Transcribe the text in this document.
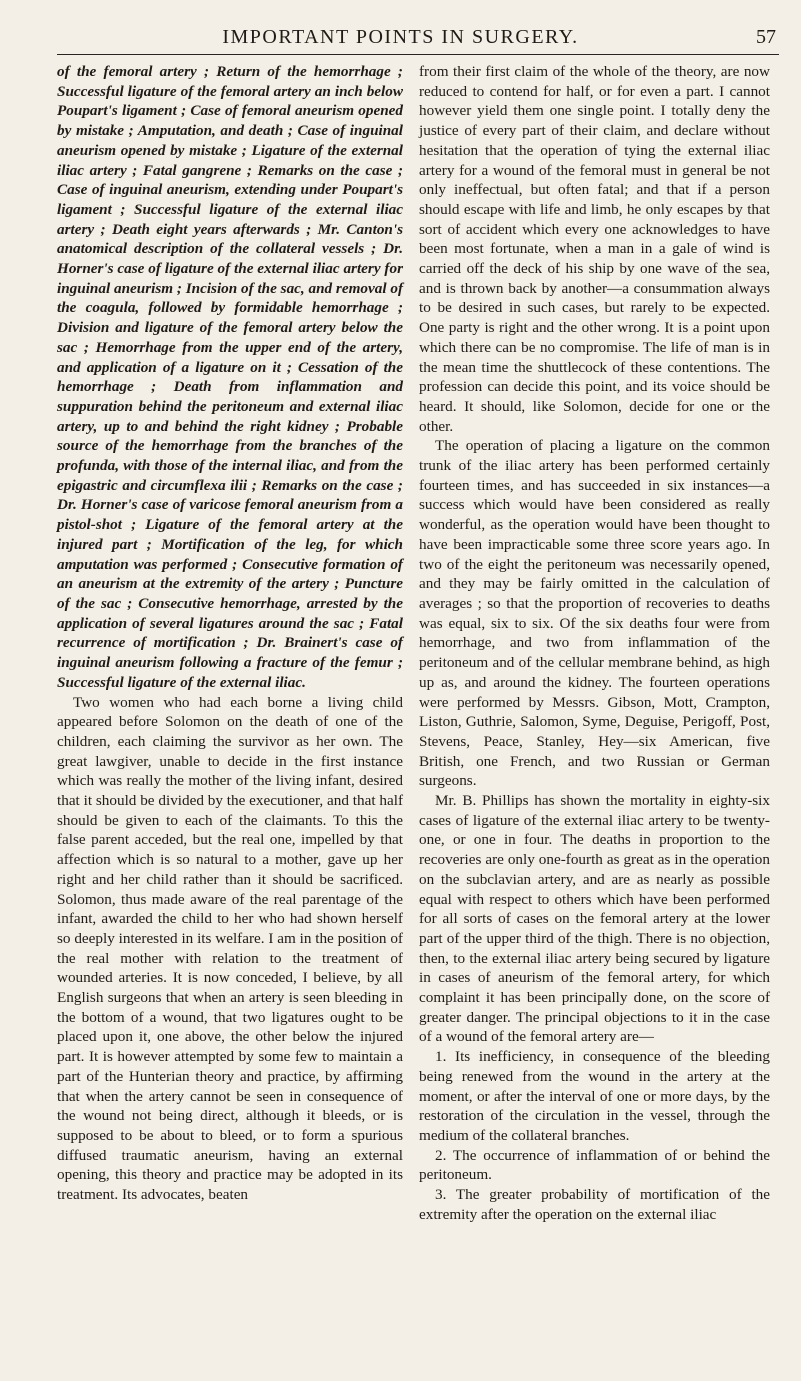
IMPORTANT POINTS IN SURGERY.	57

of the femoral artery ; Return of the hemorrhage ; Successful ligature of the femoral artery an inch below Poupart's ligament ; Case of femoral aneurism opened by mistake ; Amputation, and death ; Case of inguinal aneurism opened by mistake ; Ligature of the external iliac artery ; Fatal gangrene ; Remarks on the case ; Case of inguinal aneurism, extending under Poupart's ligament ; Successful ligature of the external iliac artery ; Death eight years afterwards ; Mr. Canton's anatomical description of the collateral vessels ; Dr. Horner's case of ligature of the external iliac artery for inguinal aneurism ; Incision of the sac, and removal of the coagula, followed by formidable hemorrhage ; Division and ligature of the femoral artery below the sac ; Hemorrhage from the upper end of the artery, and application of a ligature on it ; Cessation of the hemorrhage ; Death from inflammation and suppuration behind the peritoneum and external iliac artery, up to and behind the right kidney ; Probable source of the hemorrhage from the branches of the profunda, with those of the internal iliac, and from the epigastric and circumflexa ilii ; Remarks on the case ; Dr. Horner's case of varicose femoral aneurism from a pistol-shot ; Ligature of the femoral artery at the injured part ; Mortification of the leg, for which amputation was performed ; Consecutive formation of an aneurism at the extremity of the artery ; Puncture of the sac ; Consecutive hemorrhage, arrested by the application of several ligatures around the sac ; Fatal recurrence of mortification ; Dr. Brainert's case of inguinal aneurism following a fracture of the femur ; Successful ligature of the external iliac.

Two women who had each borne a living child appeared before Solomon on the death of one of the children, each claiming the survivor as her own. The great lawgiver, unable to decide in the first instance which was really the mother of the living infant, desired that it should be divided by the executioner, and that half should be given to each of the claimants. To this the false parent acceded, but the real one, impelled by that affection which is so natural to a mother, gave up her right and her child rather than it should be sacrificed. Solomon, thus made aware of the real parentage of the infant, awarded the child to her who had shown herself so deeply interested in its welfare. I am in the position of the real mother with relation to the treatment of wounded arteries. It is now conceded, I believe, by all English surgeons that when an artery is seen bleeding in the bottom of a wound, that two ligatures ought to be placed upon it, one above, the other below the injured part. It is however attempted by some few to maintain a part of the Hunterian theory and practice, by affirming that when the artery cannot be seen in consequence of the wound not being direct, although it bleeds, or is supposed to be about to bleed, or to form a spurious diffused traumatic aneurism, having an external opening, this theory and practice may be adopted in its treatment. Its advocates, beaten

from their first claim of the whole of the theory, are now reduced to contend for half, or for even a part. I cannot however yield them one single point. I totally deny the justice of every part of their claim, and declare without hesitation that the operation of tying the external iliac artery for a wound of the femoral must in general be not only ineffectual, but often fatal; and that if a person should escape with life and limb, he only escapes by that sort of accident which every one acknowledges to have been most fortunate, when a man in a gale of wind is carried off the deck of his ship by one wave of the sea, and is thrown back by another—a consummation always to be desired in such cases, but rarely to be expected. One party is right and the other wrong. It is a point upon which there can be no compromise. The life of man is in the mean time the shuttlecock of these contentions. The profession can decide this point, and its voice should be heard. It should, like Solomon, decide for one or the other.

The operation of placing a ligature on the common trunk of the iliac artery has been performed certainly fourteen times, and has succeeded in six instances—a success which would have been considered as really wonderful, as the operation would have been thought to have been impracticable some three score years ago. In two of the eight the peritoneum was necessarily opened, and they may be fairly omitted in the calculation of averages ; so that the proportion of recoveries to deaths was equal, six to six. Of the six deaths four were from hemorrhage, and two from inflammation of the peritoneum and of the cellular membrane behind, as high up as, and around the kidney. The fourteen operations were performed by Messrs. Gibson, Mott, Crampton, Liston, Guthrie, Salomon, Syme, Deguise, Perigoff, Post, Stevens, Peace, Stanley, Hey—six American, five British, one French, and two Russian or German surgeons.

Mr. B. Phillips has shown the mortality in eighty-six cases of ligature of the external iliac artery to be twenty-one, or one in four. The deaths in proportion to the recoveries are only one-fourth as great as in the operation on the subclavian artery, and are as nearly as possible equal with respect to others which have been performed for all sorts of cases on the femoral artery at the lower part of the upper third of the thigh. There is no objection, then, to the external iliac artery being secured by ligature in cases of aneurism of the femoral artery, for which complaint it has been principally done, on the score of greater danger. The principal objections to it in the case of a wound of the femoral artery are—

1. Its inefficiency, in consequence of the bleeding being renewed from the wound in the artery at the moment, or after the interval of one or more days, by the restoration of the circulation in the vessel, through the medium of the collateral branches.

2. The occurrence of inflammation of or behind the peritoneum.

3. The greater probability of mortification of the extremity after the operation on the external iliac
